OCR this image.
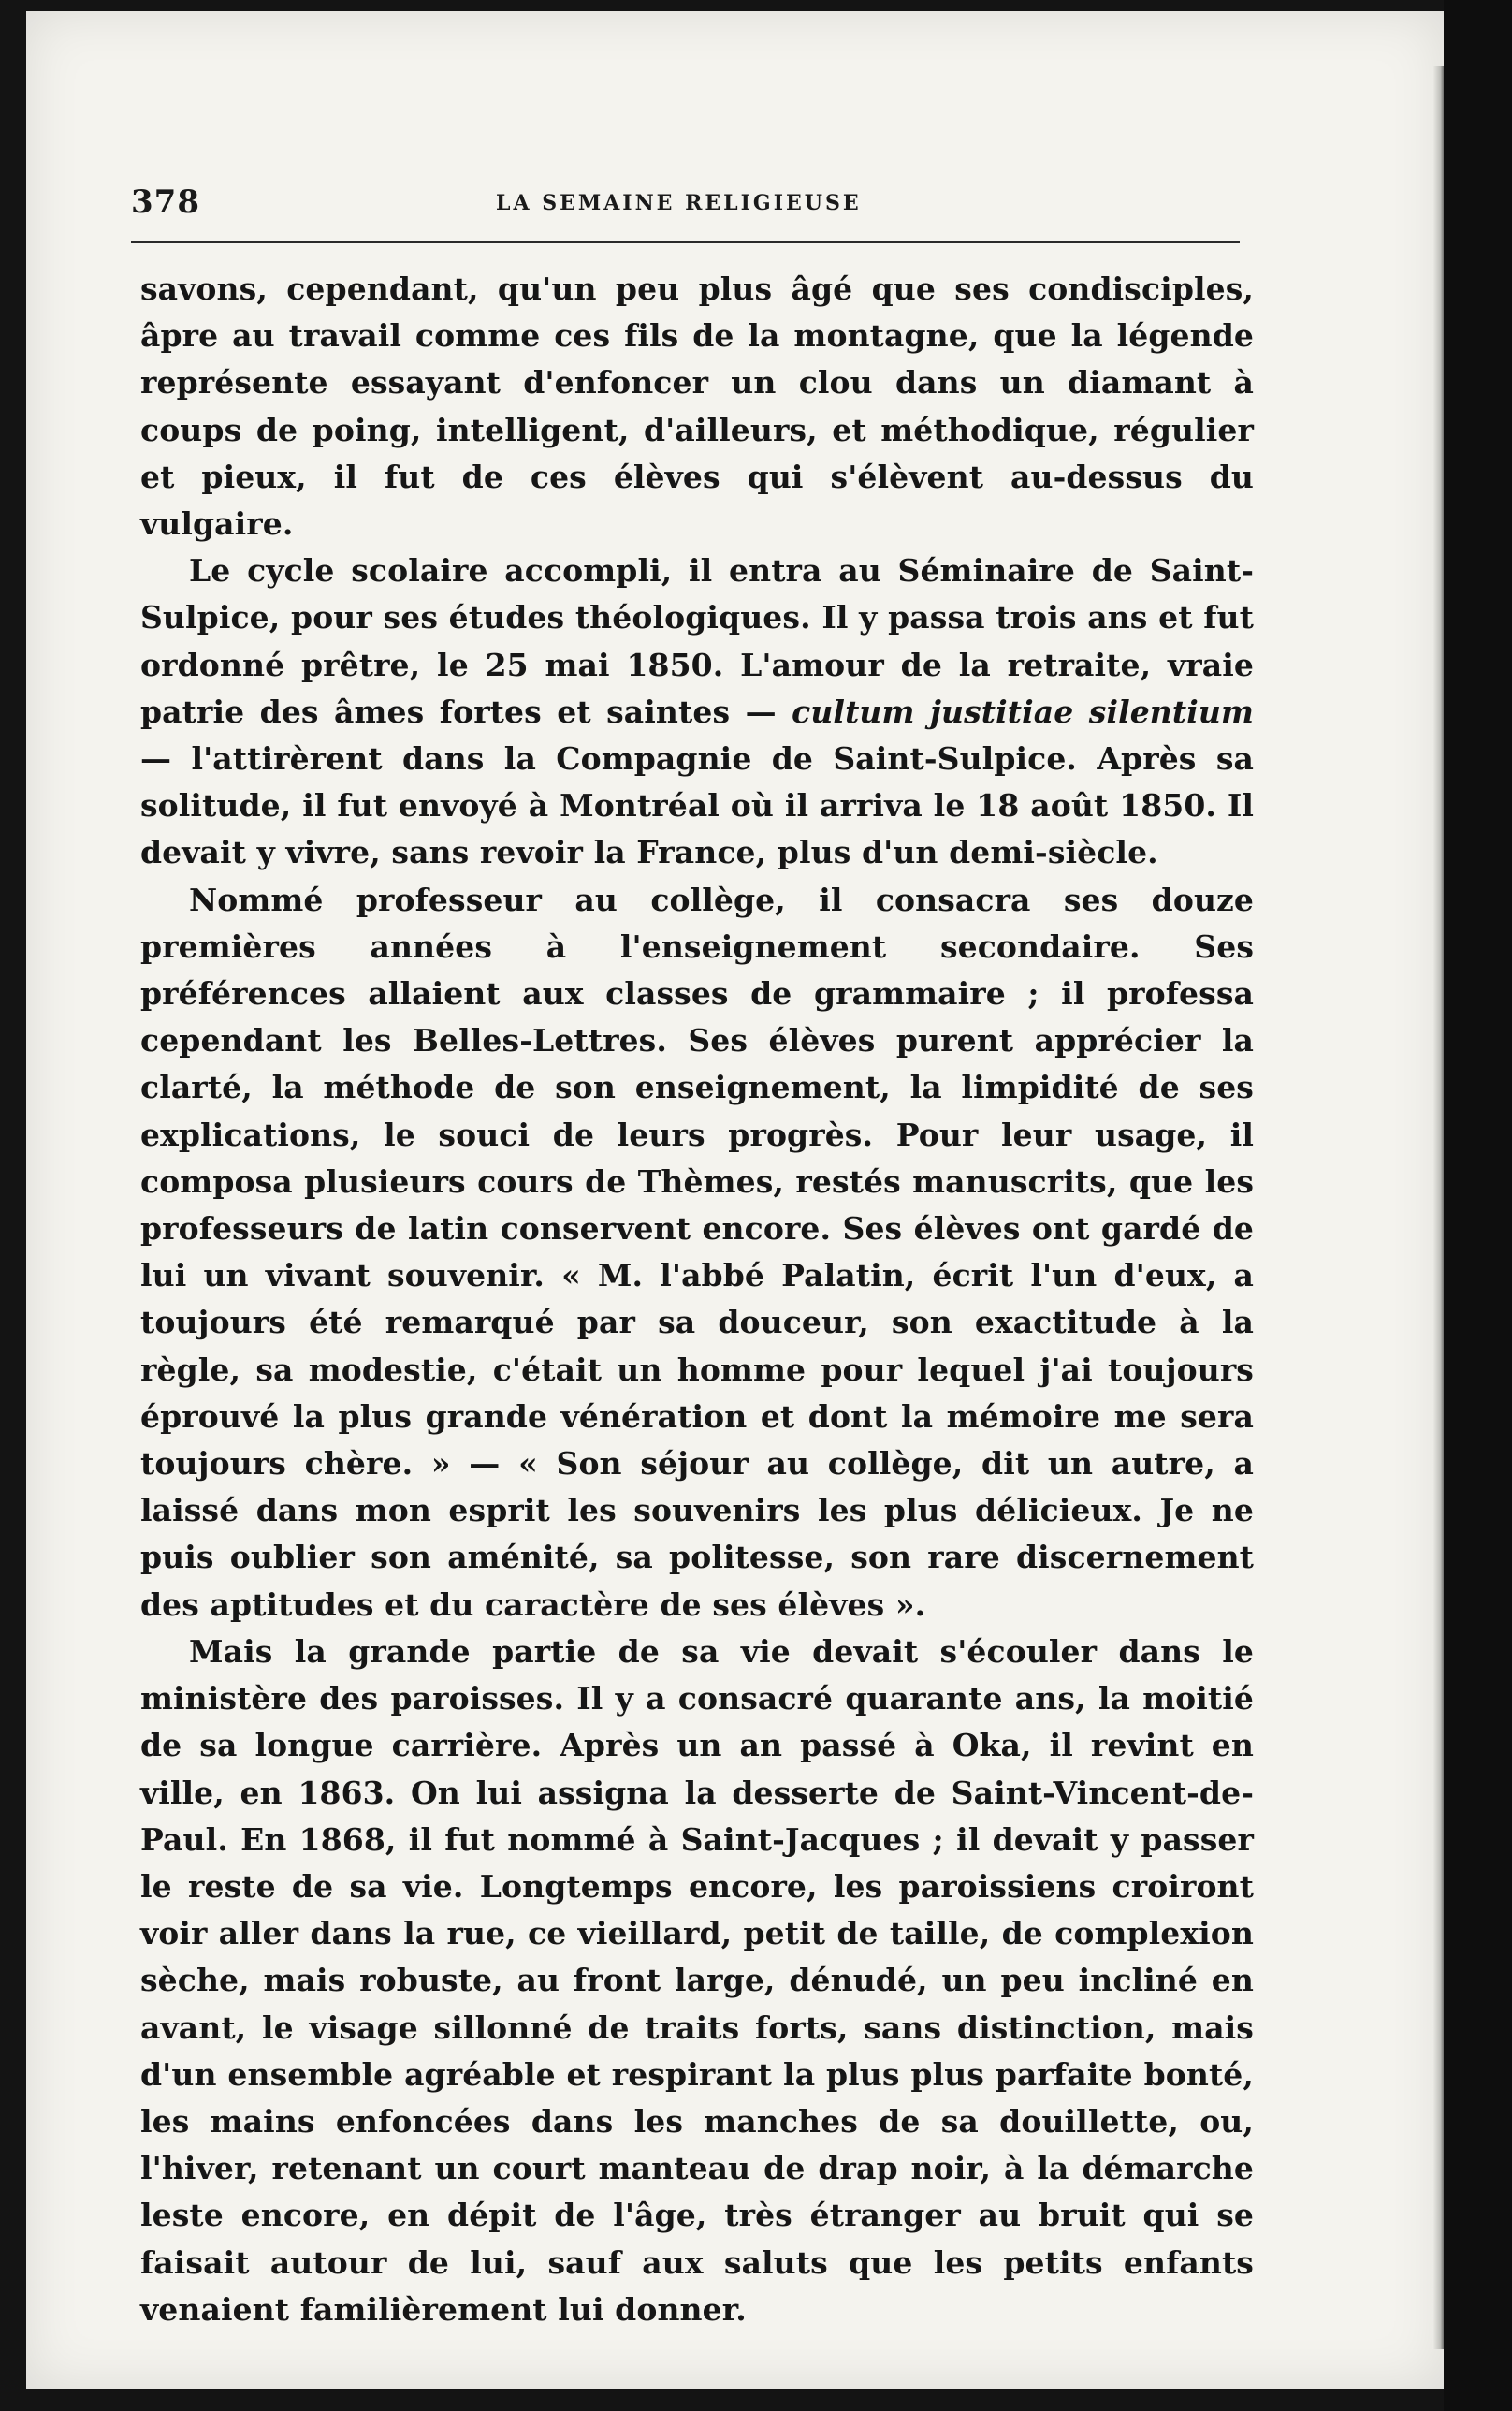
378	LA SEMAINE RELIGIEUSE

savons, cependant, qu'un peu plus âgé que ses condisciples, âpre au travail comme ces fils de la montagne, que la légende représente essayant d'enfoncer un clou dans un diamant à coups de poing, intelligent, d'ailleurs, et méthodique, régulier et pieux, il fut de ces élèves qui s'élèvent au-dessus du vulgaire.

Le cycle scolaire accompli, il entra au Séminaire de Saint-Sulpice, pour ses études théologiques. Il y passa trois ans et fut ordonné prêtre, le 25 mai 1850. L'amour de la retraite, vraie patrie des âmes fortes et saintes — cultum justitiae silentium — l'attirèrent dans la Compagnie de Saint-Sulpice. Après sa solitude, il fut envoyé à Montréal où il arriva le 18 août 1850. Il devait y vivre, sans revoir la France, plus d'un demi-siècle.

Nommé professeur au collège, il consacra ses douze premières années à l'enseignement secondaire. Ses préférences allaient aux classes de grammaire ; il professa cependant les Belles-Lettres. Ses élèves purent apprécier la clarté, la méthode de son enseignement, la limpidité de ses explications, le souci de leurs progrès. Pour leur usage, il composa plusieurs cours de Thèmes, restés manuscrits, que les professeurs de latin conservent encore. Ses élèves ont gardé de lui un vivant souvenir. « M. l'abbé Palatin, écrit l'un d'eux, a toujours été remarqué par sa douceur, son exactitude à la règle, sa modestie, c'était un homme pour lequel j'ai toujours éprouvé la plus grande vénération et dont la mémoire me sera toujours chère. » — « Son séjour au collège, dit un autre, a laissé dans mon esprit les souvenirs les plus délicieux. Je ne puis oublier son aménité, sa politesse, son rare discernement des aptitudes et du caractère de ses élèves ».

Mais la grande partie de sa vie devait s'écouler dans le ministère des paroisses. Il y a consacré quarante ans, la moitié de sa longue carrière. Après un an passé à Oka, il revint en ville, en 1863. On lui assigna la desserte de Saint-Vincent-de-Paul. En 1868, il fut nommé à Saint-Jacques ; il devait y passer le reste de sa vie. Longtemps encore, les paroissiens croiront voir aller dans la rue, ce vieillard, petit de taille, de complexion sèche, mais robuste, au front large, dénudé, un peu incliné en avant, le visage sillonné de traits forts, sans distinction, mais d'un ensemble agréable et respirant la plus plus parfaite bonté, les mains enfoncées dans les manches de sa douillette, ou, l'hiver, retenant un court manteau de drap noir, à la démarche leste encore, en dépit de l'âge, très étranger au bruit qui se faisait autour de lui, sauf aux saluts que les petits enfants venaient familièrement lui donner.
